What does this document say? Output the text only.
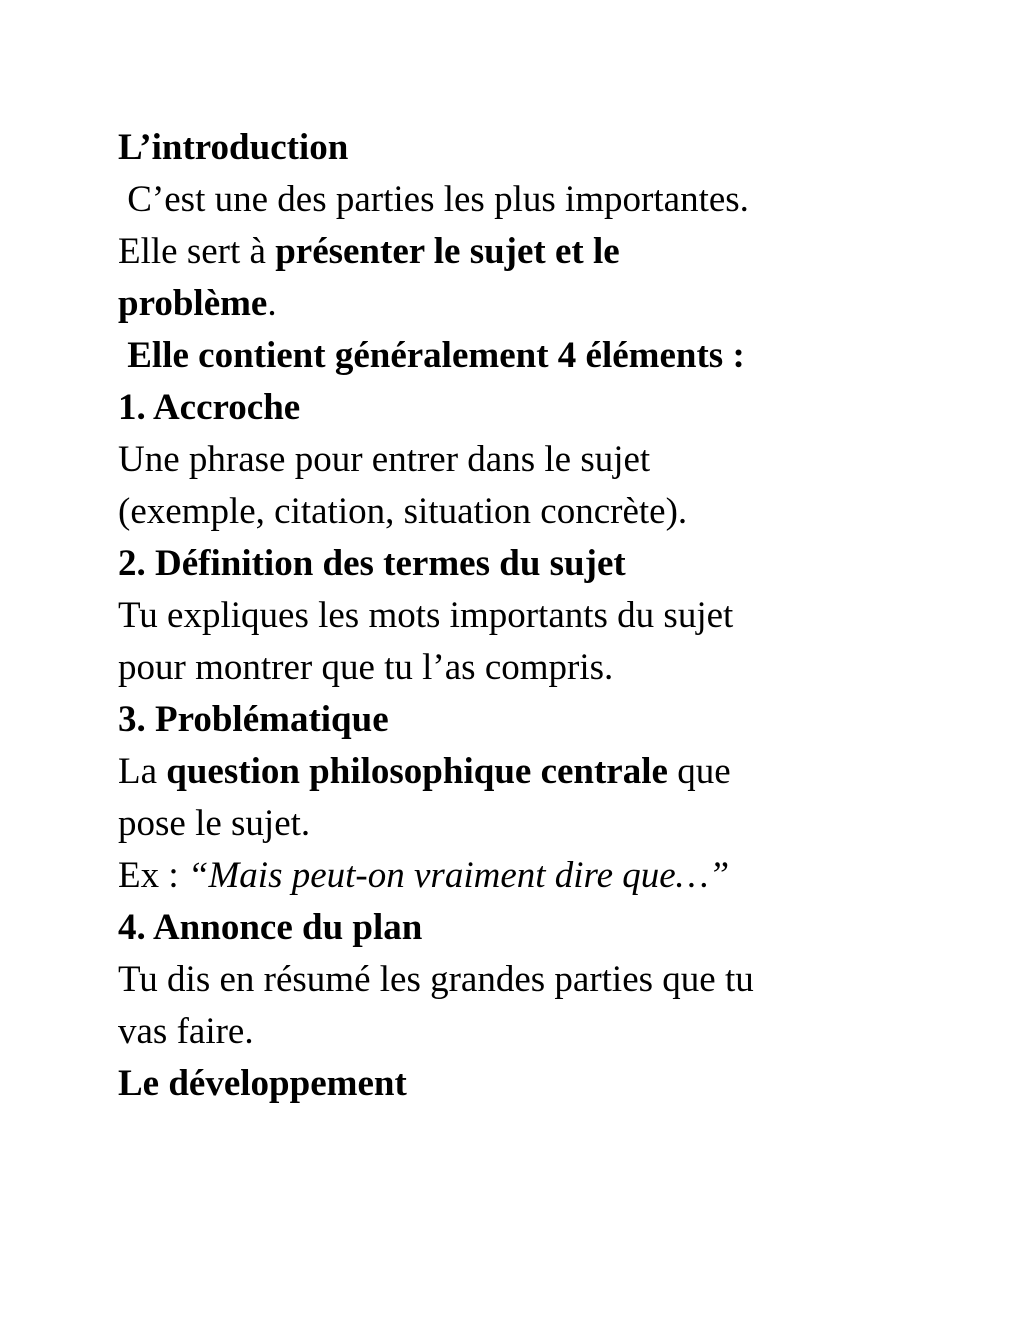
L’introduction
C’est une des parties les plus importantes.
Elle sert à présenter le sujet et le
problème.
Elle contient généralement 4 éléments :
1. Accroche
Une phrase pour entrer dans le sujet
(exemple, citation, situation concrète).
2. Définition des termes du sujet
Tu expliques les mots importants du sujet
pour montrer que tu l’as compris.
3. Problématique
La question philosophique centrale que
pose le sujet.
Ex : “Mais peut-on vraiment dire que…”
4. Annonce du plan
Tu dis en résumé les grandes parties que tu
vas faire.
Le développement
